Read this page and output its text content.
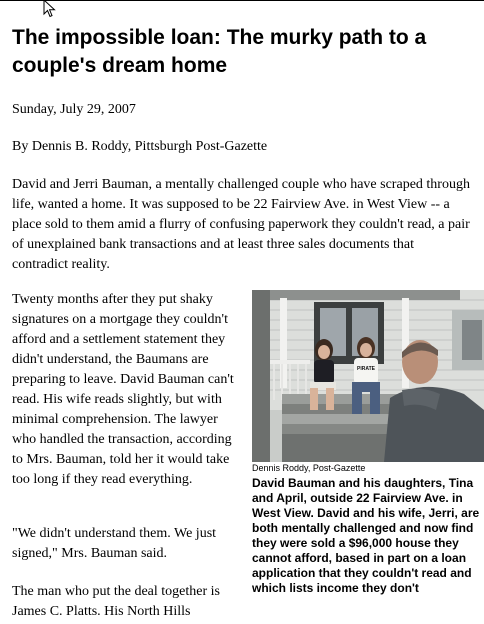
The impossible loan: The murky path to a couple's dream home

Sunday, July 29, 2007

By Dennis B. Roddy, Pittsburgh Post-Gazette

David and Jerri Bauman, a mentally challenged couple who have scraped through life, wanted a home. It was supposed to be 22 Fairview Ave. in West View -- a place sold to them amid a flurry of confusing paperwork they couldn't read, a pair of unexplained bank transactions and at least three sales documents that contradict reality.

Twenty months after they put shaky signatures on a mortgage they couldn't afford and a settlement statement they didn't understand, the Baumans are preparing to leave. David Bauman can't read. His wife reads slightly, but with minimal comprehension. The lawyer who handled the transaction, according to Mrs. Bauman, told her it would take too long if they read everything.

"We didn't understand them. We just signed," Mrs. Bauman said.

The man who put the deal together is James C. Platts. His North Hills

PIRATE

Dennis Roddy, Post-Gazette

David Bauman and his daughters, Tina and April, outside 22 Fairview Ave. in West View. David and his wife, Jerri, are both mentally challenged and now find they were sold a $96,000 house they cannot afford, based in part on a loan application that they couldn't read and which lists income they don't
